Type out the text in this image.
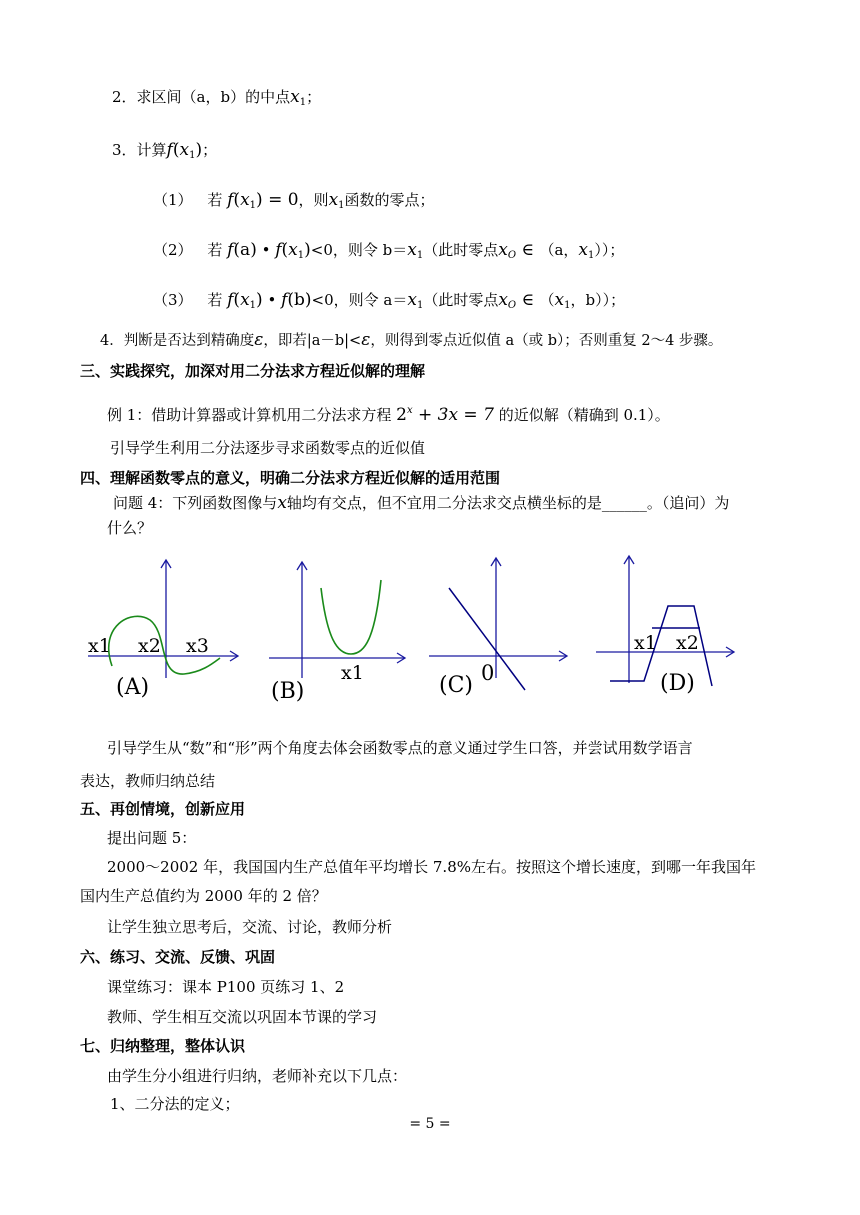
2．求区间（a，b）的中点$x_1$；
3．计算$f(x_1)$；
（1） 若 $f(x_1) = 0$，则$x_1$函数的零点；
（2） 若 f(a) • $f(x_1)<0$，则令 $b=x_1$（此时零点$x_O$ ∈ （a，$x_1$））；
（3） 若 $f(x_1)$ • f(b)<0，则令 $a=x_1$（此时零点$x_O$ ∈ （$x_1$，b））；
4．判断是否达到精确度ε，即若|a－b|<ε，则得到零点近似值 a（或 b）；否则重复 2～4 步骤。
三、实践探究，加深对用二分法求方程近似解的理解
例 1：借助计算器或计算机用二分法求方程 $2^x + 3x = 7$ 的近似解（精确到 0.1）。
引导学生利用二分法逐步寻求函数零点的近似值
四、理解函数零点的意义，明确二分法求方程近似解的适用范围
问题 4：下列函数图像与x轴均有交点，但不宜用二分法求交点横坐标的是______。（追问）为
什么？
x1 x2 x3
(A)
x1
(B)
0
(C)
x1 x2
(D)
引导学生从“数”和“形”两个角度去体会函数零点的意义通过学生口答，并尝试用数学语言
表达，教师归纳总结
五、再创情境，创新应用
提出问题 5：
2000～2002 年，我国国内生产总值年平均增长 7.8%左右。按照这个增长速度，到哪一年我国年
国内生产总值约为 2000 年的 2 倍？
让学生独立思考后，交流、讨论，教师分析
六、练习、交流、反馈、巩固
课堂练习：课本 P100 页练习 1、2
教师、学生相互交流以巩固本节课的学习
七、归纳整理，整体认识
由学生分小组进行归纳，老师补充以下几点：
1、二分法的定义；
= 5 =
